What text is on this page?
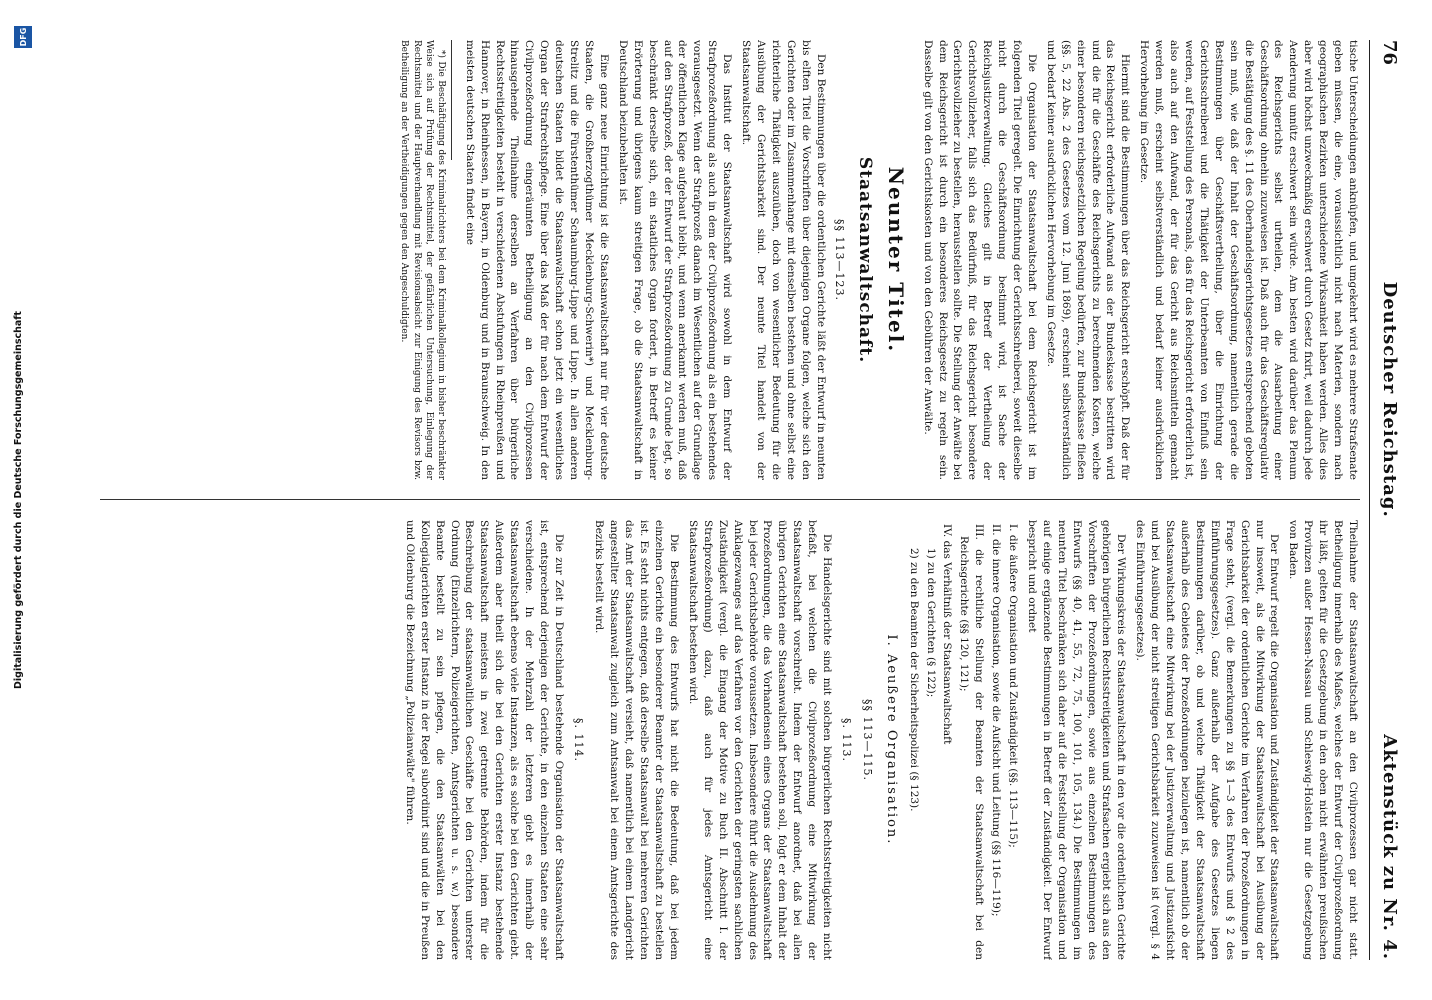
76
Deutscher Reichstag.
Aktenstück zu Nr. 4.

tische Unterscheidungen anknüpfen, und umgekehrt wird es mehrere Strafsenate geben müssen, die eine, voraussichtlich nicht nach Materien, sondern nach geographischen Bezirken unterschiedene Wirksamkeit haben werden. Alles dies aber wird höchst unzweckmäßig erschwert durch Gesetz fixirt, weil dadurch jede Aenderung unnütz erschwert sein würde. Am besten wird darüber das Plenum des Reichsgerichts selbst urtheilen, dem die Ausarbeitung einer Geschäftsordnung ohnehin zuzuweisen ist. Daß auch für das Geschäftsregulativ die Bestätigung des §. 11 des Oberhandelsgerichtsgesetzes entsprechend geboten sein muß, wie daß der Inhalt der Geschäftsordnung, namentlich gerade die Bestimmungen über Geschäftsvertheilung, über die Einrichtung der Gerichtsschreiberei und die Thätigkeit der Unterbeamten von Einfluß sein werden, auf Feststellung des Personals, das für das Reichsgericht erforderlich ist, also auch auf den Aufwand, der für das Gericht aus Reichsmitteln gemacht werden muß, erscheint selbstverständlich und bedarf keiner ausdrücklichen Hervorhebung im Gesetze.

Hiermit sind die Bestimmungen über das Reichsgericht erschöpft. Daß der für das Reichsgericht erforderliche Aufwand aus der Bundeskasse bestritten wird und die für die Geschäfte des Reichsgerichts zu berechnenden Kosten, welche einer besonderen reichsgesetzlichen Regelung bedürfen, zur Bundeskasse fließen (§§. 5, 22 Abs. 2 des Gesetzes vom 12. Juni 1869), erscheint selbstverständlich und bedarf keiner ausdrücklichen Hervorhebung im Gesetze.

Die Organisation der Staatsanwaltschaft bei dem Reichsgericht ist im folgenden Titel geregelt. Die Einrichtung der Gerichtsschreiberei, soweit dieselbe nicht durch die Geschäftsordnung bestimmt wird, ist Sache der Reichsjustizverwaltung. Gleiches gilt in Betreff der Vertheilung der Gerichtsvollzieher, falls sich das Bedürfniß, für das Reichsgericht besondere Gerichtsvollzieher zu bestellen, herausstellen sollte. Die Stellung der Anwälte bei dem Reichsgericht ist durch ein besonderes Reichsgesetz zu regeln sein. Dasselbe gilt von den Gerichtskosten und von den Gebühren der Anwälte.

Neunter Titel.
Staatsanwaltschaft.
§§ 113—123.

Den Bestimmungen über die ordentlichen Gerichte läßt der Entwurf in neunten bis elften Titel die Vorschriften über diejenigen Organe folgen, welche sich den Gerichten oder im Zusammenhange mit denselben bestehen und ohne selbst eine richterliche Thätigkeit auszuüben, doch von wesentlicher Bedeutung für die Ausübung der Gerichtsbarkeit sind. Der neunte Titel handelt von der Staatsanwaltschaft.

Das Institut der Staatsanwaltschaft wird sowohl in dem Entwurf der Strafprozeßordnung als auch in dem der Civilprozeßordnung als ein bestehendes vorausgesetzt. Wenn der Strafprozeß danach im Wesentlichen auf der Grundlage der öffentlichen Klage aufgebaut bleibt, und wenn anerkannt werden muß, daß auf den Strafprozeß, der der Entwurf der Strafprozeßordnung zu Grunde legt, so beschränkt derselbe sich, ein staatliches Organ fordert, in Betreff es keiner Erörterung und übrigens kaum streitigen Frage, ob die Staatsanwaltschaft in Deutschland beizubehalten ist.

Eine ganz neue Einrichtung ist die Staatsanwaltschaft nur für vier deutsche Staaten, die Großherzogthümer Mecklenburg-Schwerin*) und Mecklenburg-Strelitz und die Fürstenthümer Schaumburg-Lippe und Lippe. In allen anderen deutschen Staaten bildet die Staatsanwaltschaft schon jetzt ein wesentliches Organ der Strafrechtspflege. Eine über das Maß der für nach dem Entwurf der Civilprozeßordnung eingeräumten Betheiligung an den Civilprozessen hinausgehende Theilnahme derselben an Verfahren über bürgerliche Rechtsstreitigkeiten besteht in verschiedenen Abstufungen in Rheinpreußen und Hannover, in Rheinhessen, in Bayern, in Oldenburg und in Braunschweig. In den meisten deutschen Staaten findet eine

*) Die Beschäftigung des Kriminalrichters bei dem Kriminalkollegium in bisher beschränkter Weise sich auf Prüfung der Rechtsmittel, der gefährlichen Untersuchung, Einlegung der Rechtsmittel und der Hauptverhandlung mit Revisionsabsicht zur Einigung des Revisors bzw. Betheiligung an der Vertheidigungen gegen den Angeschuldigten.

Theilnahme der Staatsanwaltschaft an den Civilprozessen gar nicht statt. Betheiligung innerhalb des Maßes, welches der Entwurf der Civilprozeßordnung ihr läßt, gelten für die Gesetzgebung in den oben nicht erwähnten preußischen Provinzen außer Hessen-Nassau und Schleswig-Holstein nur die Gesetzgebung von Baden.

Der Entwurf regelt die Organisation und Zuständigkeit der Staatsanwaltschaft nur insoweit, als die Mitwirkung der Staatsanwaltschaft bei Ausübung der Gerichtsbarkeit der ordentlichen Gerichte im Verfahren der Prozeßordnungen in Frage steht, (vergl. die Bemerkungen zu §§ 1—3 des Entwurfs und § 2 des Einführungsgesetzes). Ganz außerhalb der Aufgabe des Gesetzes liegen Bestimmungen darüber, ob und welche Thätigkeit der Staatsanwaltschaft außerhalb des Gebietes der Prozeßordnungen beizulegen ist, namentlich ob der Staatsanwaltschaft eine Mitwirkung bei der Justizverwaltung und Justizaufsicht und bei Ausübung der nicht streitigen Gerichtsbarkeit zuzuweisen ist (vergl. § 4 des Einführungsgesetzes).

Der Wirkungskreis der Staatsanwaltschaft in den vor die ordentlichen Gerichte gehörigen bürgerlichen Rechtsstreitigkeiten und Strafsachen ergiebt sich aus den Vorschriften der Prozeßordnungen, sowie aus einzelnen Bestimmungen des Entwurfs (§§ 40, 41, 55, 72, 75, 100, 101, 105, 134.) Die Bestimmungen im neunten Titel beschränken sich daher auf die Feststellung der Organisation und auf einige ergänzende Bestimmungen in Betreff der Zuständigkeit. Der Entwurf bespricht und ordnet

I. die äußere Organisation und Zuständigkeit (§§. 113—115);
II. die innere Organisation, sowie die Aufsicht und Leitung (§§ 116—119);
III. die rechtliche Stellung der Beamten der Staatsanwaltschaft bei den Reichsgerichte (§§ 120, 121);
IV. das Verhältniß der Staatsanwaltschaft
1) zu den Gerichten (§ 122);
2) zu den Beamten der Sicherheitspolizei (§ 123).
I. Aeußere Organisation.
§§ 113—115.
§. 113.

Die Handelsgerichte sind mit solchen bürgerlichen Rechtsstreitigkeiten nicht befaßt, bei welchen die Civilprozeßordnung eine Mitwirkung der Staatsanwaltschaft vorschreibt. Indem der Entwurf anordnet, daß bei allen übrigen Gerichten eine Staatsanwaltschaft bestehen soll, folgt er dem Inhalt der Prozeßordnungen, die das Vorhandensein eines Organs der Staatsanwaltschaft bei jeder Gerichtsbehörde voraussetzen. Insbesondere führt die Ausdehnung des Anklagezwanges auf das Verfahren vor den Gerichten der geringsten sachlichen Zuständigkeit (vergl. die Eingang der Motive zu Buch II. Abschnitt I. der Strafprozeßordnung) dazu, daß auch für jedes Amtsgericht eine Staatsanwaltschaft bestehen wird.

Die Bestimmung des Entwurfs hat nicht die Bedeutung, daß bei jedem einzelnen Gerichte ein besonderer Beamter der Staatsanwaltschaft zu bestellen ist. Es steht nichts entgegen, daß derselbe Staatsanwalt bei mehreren Gerichten das Amt der Staatsanwaltschaft versieht, daß namentlich bei einem Landgericht angestellter Staatsanwalt zugleich zum Amtsanwalt bei einem Amtsgerichte des Bezirks bestellt wird.

§. 114.

Die zur Zeit in Deutschland bestehende Organisation der Staatsanwaltschaft ist, entsprechend derjenigen der Gerichte, in den einzelnen Staaten eine sehr verschiedene. In der Mehrzahl der letzteren giebt es innerhalb der Staatsanwaltschaft ebenso viele Instanzen, als es solche bei den Gerichten giebt. Außerdem aber theilt sich die bei den Gerichten erster Instanz bestehende Staatsanwaltschaft meistens in zwei getrennte Behörden, indem für die Beschreibung der staatsanwaltlichen Geschäfte bei den Gerichten unterster Ordnung (Einzelrichtern, Polizeigerichten, Amtsgerichten u. s. w.) besondere Beamte bestellt zu sein pflegen, die den Staatsanwälten bei den Kollegialgerichten erster Instanz in der Regel subordinirt sind und die in Preußen und Oldenburg die Bezeichnung „Polizeianwälte" führen.

Digitalisierung gefördert durch die Deutsche Forschungsgemeinschaft
DFG
